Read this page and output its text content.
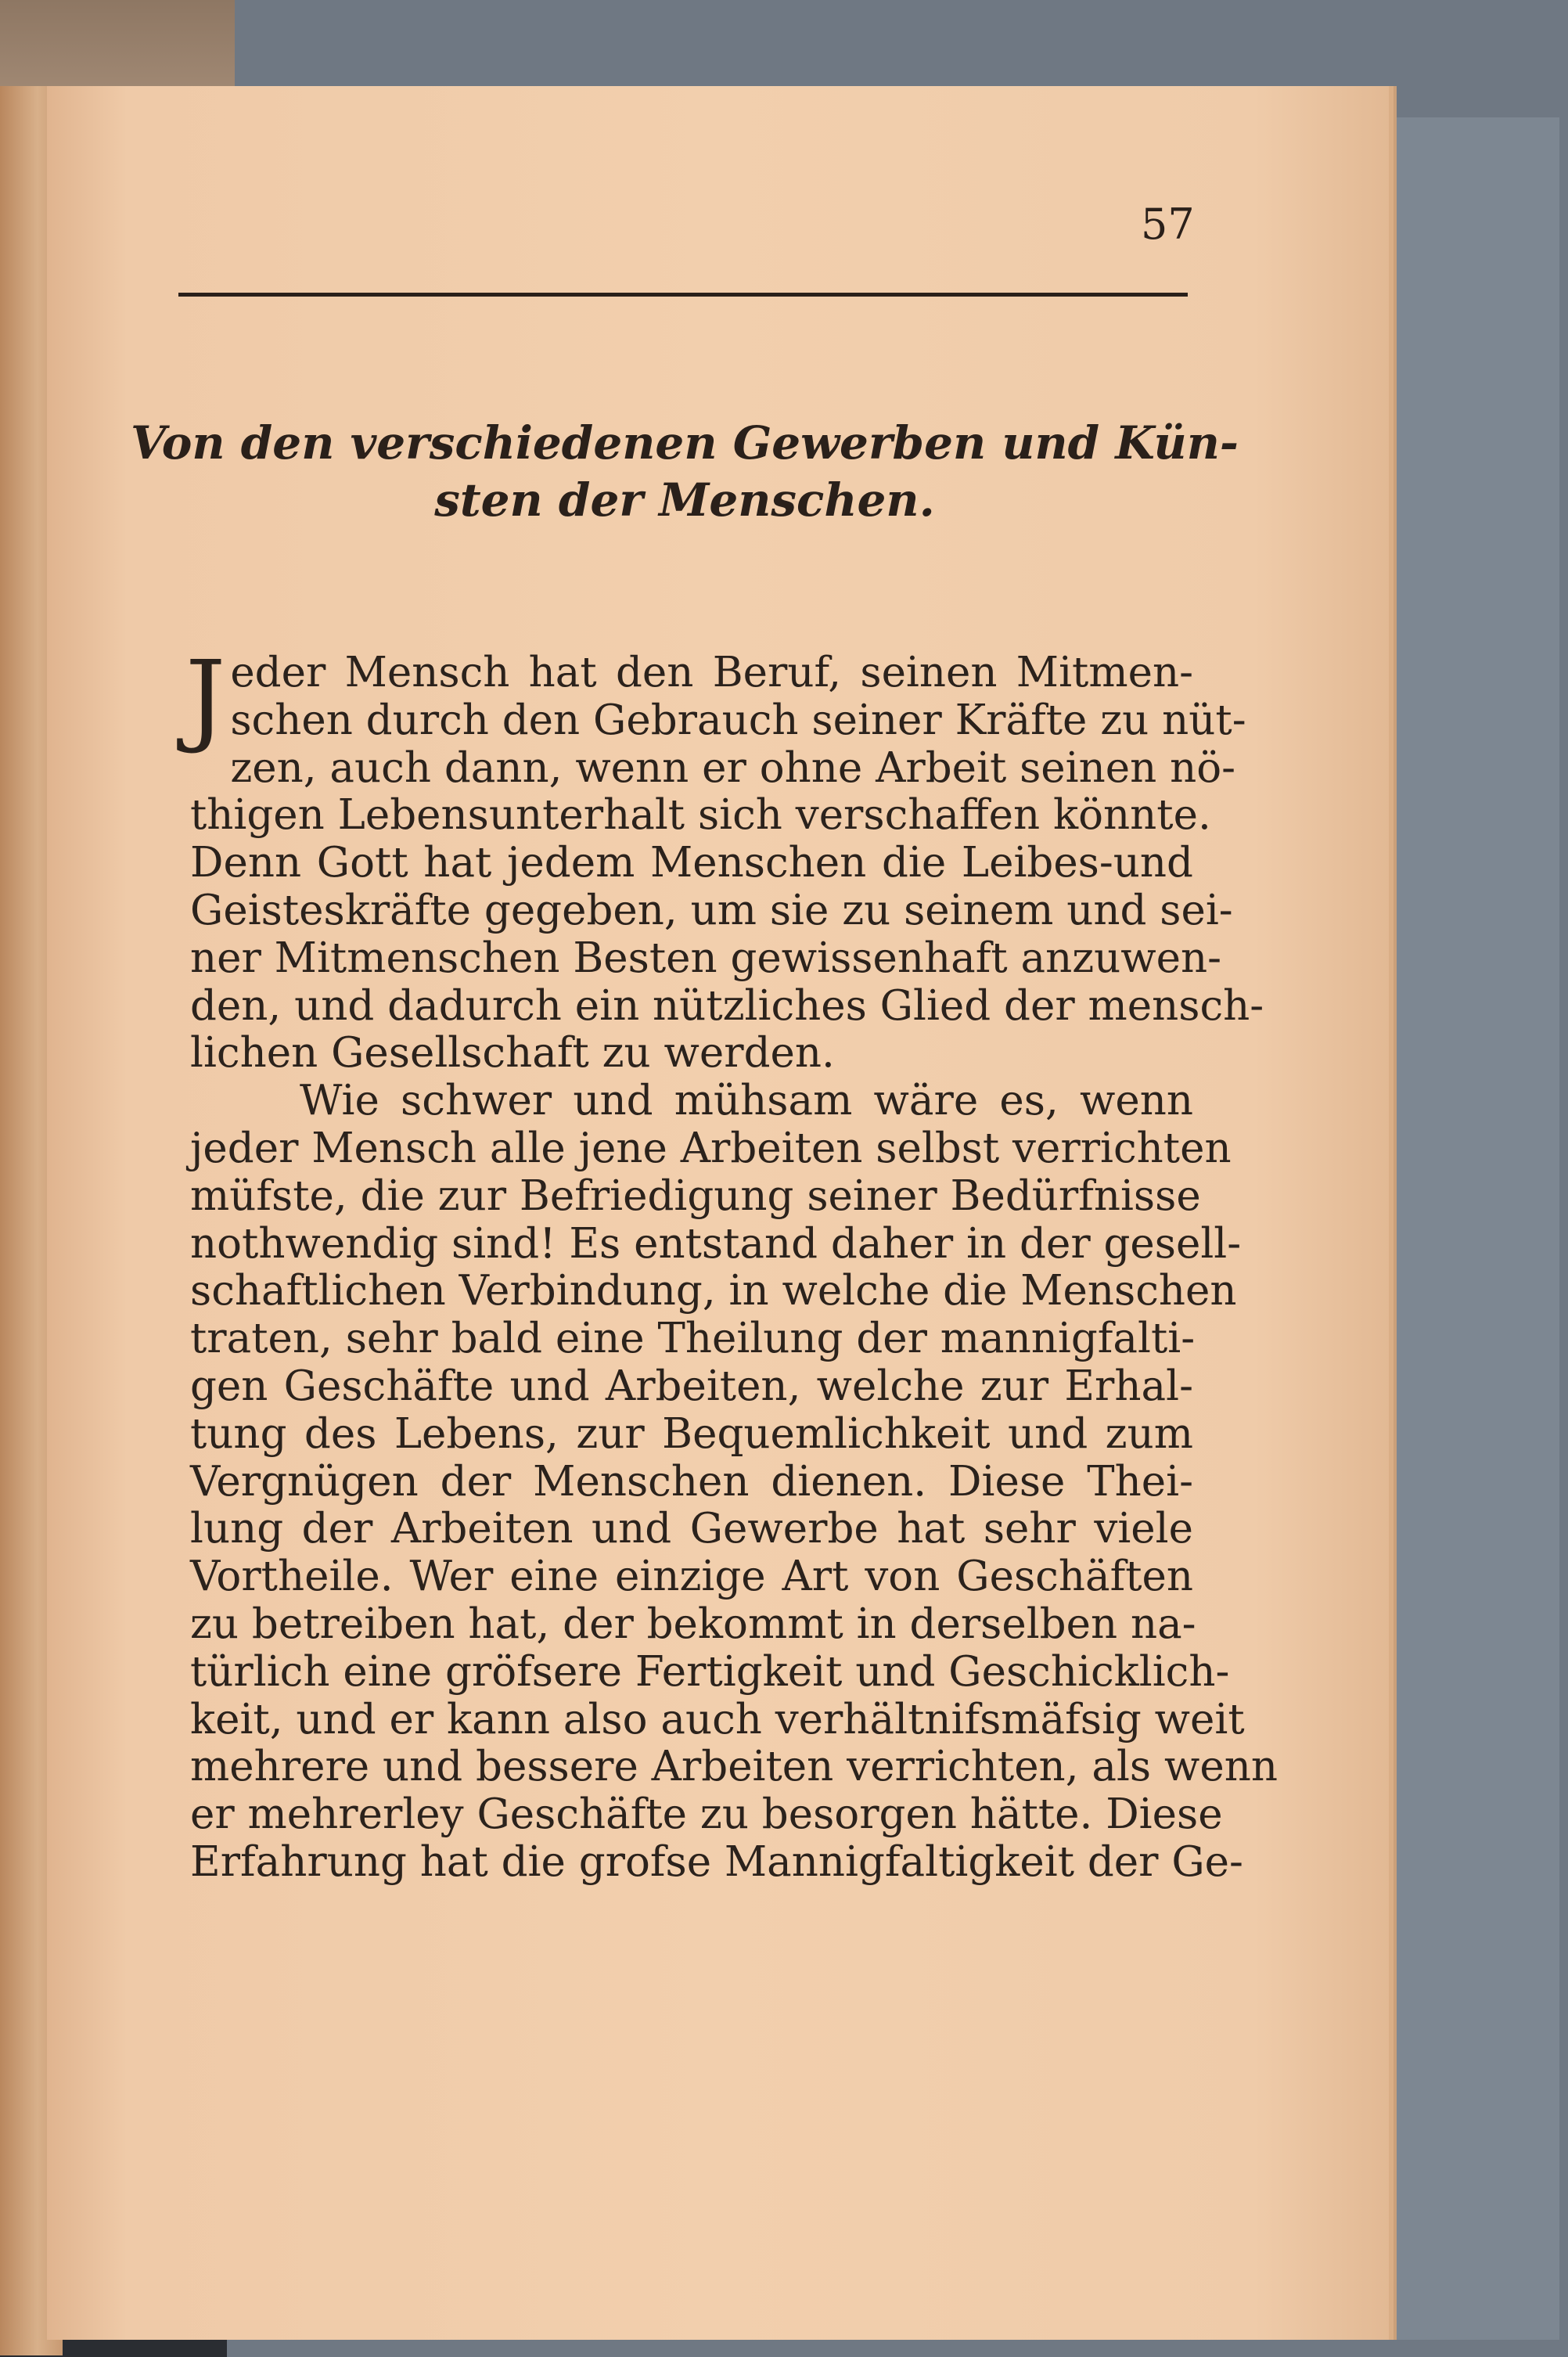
57
Von den verschiedenen Gewerben und Kün-
sten der Menschen.
J eder Mensch hat den Beruf, seinen Mitmen-
schen durch den Gebrauch seiner Kräfte zu nüt-
zen, auch dann, wenn er ohne Arbeit seinen nö-
thigen Lebensunterhalt sich verschaffen könnte.
Denn Gott hat jedem Menschen die Leibes-und
Geisteskräfte gegeben, um sie zu seinem und sei-
ner Mitmenschen Besten gewissenhaft anzuwen-
den, und dadurch ein nützliches Glied der mensch-
lichen Gesellschaft zu werden.
Wie schwer und mühsam wäre es, wenn
jeder Mensch alle jene Arbeiten selbst verrichten
müfste, die zur Befriedigung seiner Bedürfnisse
nothwendig sind! Es entstand daher in der gesell-
schaftlichen Verbindung, in welche die Menschen
traten, sehr bald eine Theilung der mannigfalti-
gen Geschäfte und Arbeiten, welche zur Erhal-
tung des Lebens, zur Bequemlichkeit und zum
Vergnügen der Menschen dienen. Diese Thei-
lung der Arbeiten und Gewerbe hat sehr viele
Vortheile. Wer eine einzige Art von Geschäften
zu betreiben hat, der bekommt in derselben na-
türlich eine gröfsere Fertigkeit und Geschicklich-
keit, und er kann also auch verhältnifsmäfsig weit
mehrere und bessere Arbeiten verrichten, als wenn
er mehrerley Geschäfte zu besorgen hätte. Diese
Erfahrung hat die grofse Mannigfaltigkeit der Ge-
